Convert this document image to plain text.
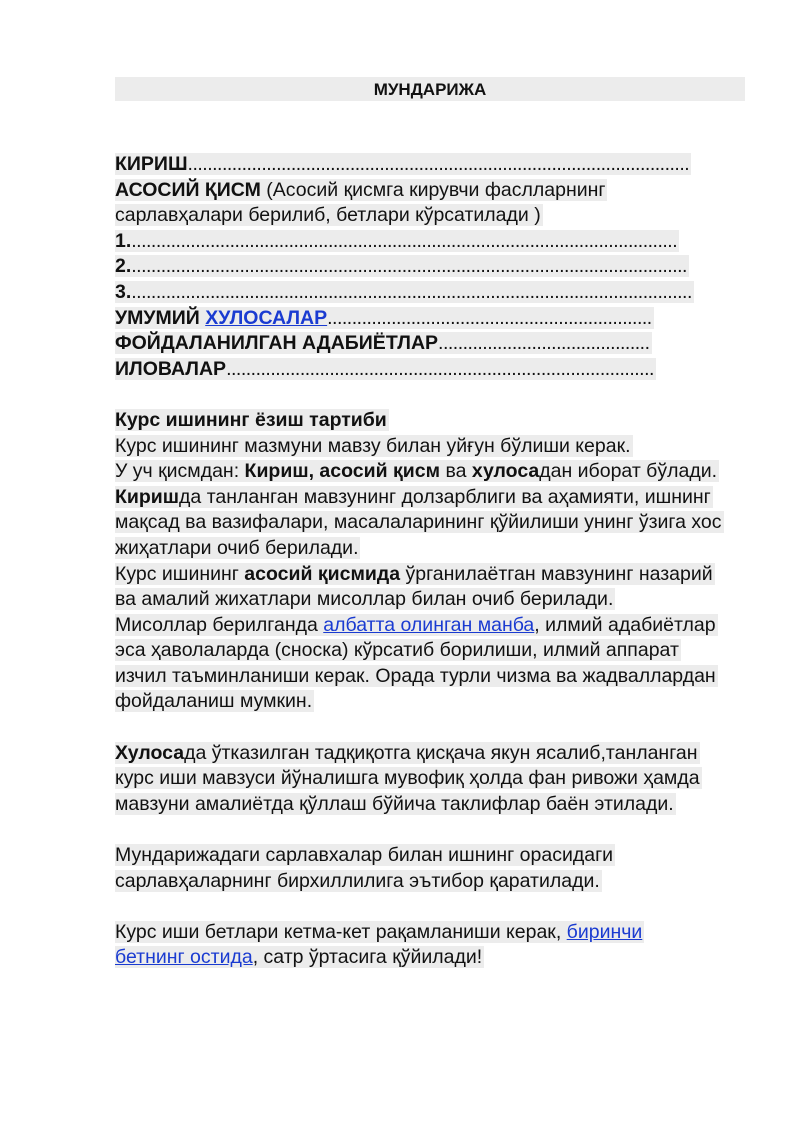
МУНДАРИЖА
КИРИШ......................................................................................................
АСОСИЙ ҚИСМ (Асосий қисмга кирувчи фаслларнинг
сарлавҳалари берилиб, бетлари кўрсатилади )
1................................................................................................................
2..................................................................................................................
3...................................................................................................................
УМУМИЙ ХУЛОСАЛАР..................................................................
ФОЙДАЛАНИЛГАН АДАБИЁТЛАР...........................................
ИЛОВАЛАР.......................................................................................
Курс ишининг ёзиш тартиби
Курс ишининг мазмуни мавзу билан уйғун бўлиши керак.
У уч қисмдан: Кириш, асосий қисм ва хулосадан иборат бўлади.
Киришда танланган мавзунинг долзарблиги ва аҳамияти, ишнинг
мақсад ва вазифалари, масалаларининг қўйилиши унинг ўзига хос
жиҳатлари очиб берилади.
Курс ишининг асосий қисмида ўрганилаётган мавзунинг назарий
ва амалий жихатлари мисоллар билан очиб берилади.
Мисоллар берилганда албатта олинган манба, илмий адабиётлар
эса ҳаволаларда (сноска) кўрсатиб борилиши, илмий аппарат
изчил таъминланиши керак. Орада турли чизма ва жадваллардан
фойдаланиш мумкин.
Хулосада ўтказилган тадқиқотга қисқача якун ясалиб,танланган
курс иши мавзуси йўналишга мувофиқ ҳолда фан ривожи ҳамда
мавзуни амалиётда қўллаш бўйича таклифлар баён этилади.
Мундарижадаги сарлавхалар билан ишнинг орасидаги
сарлавҳаларнинг бирхиллилига эътибор қаратилади.
Курс иши бетлари кетма-кет рақамланиши керак, биринчи
бетнинг остида, сатр ўртасига қўйилади!
